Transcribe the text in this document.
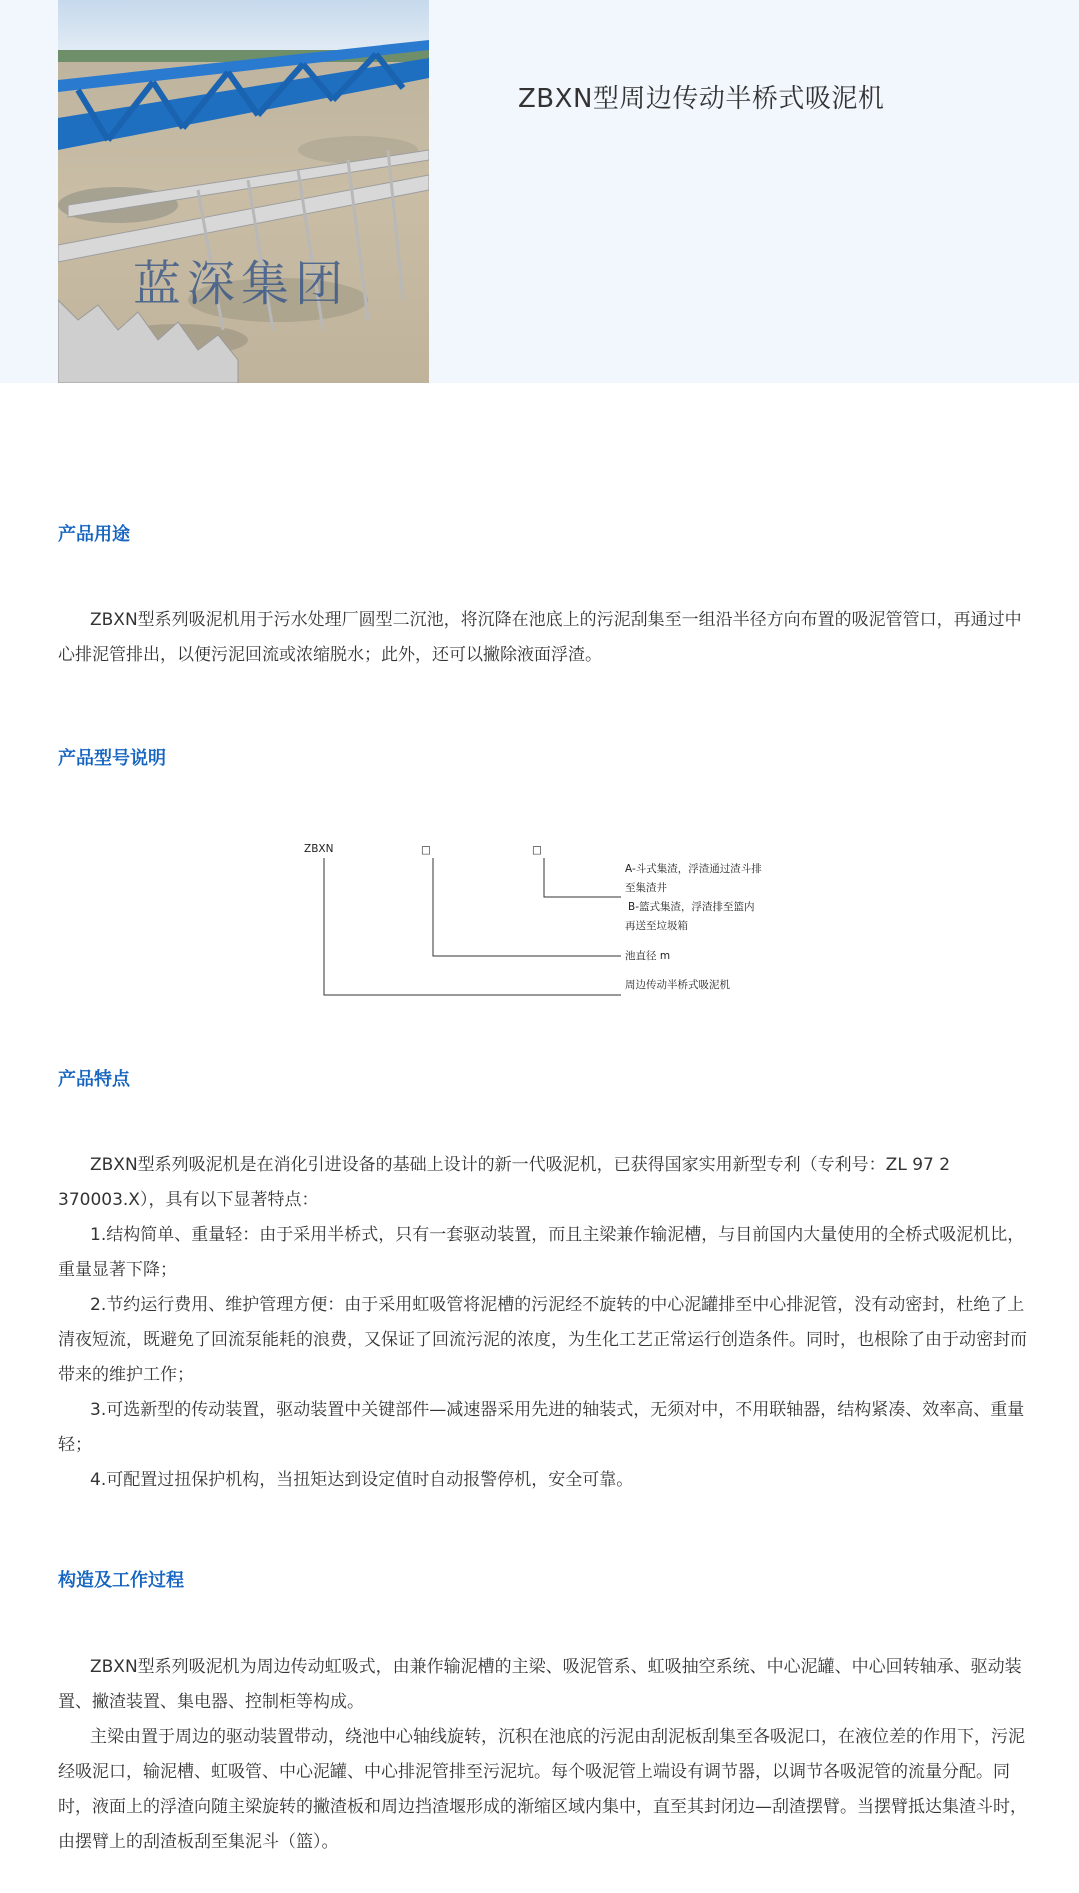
蓝深集团
ZBXN型周边传动半桥式吸泥机
产品用途

ZBXN型系列吸泥机用于污水处理厂圆型二沉池，将沉降在池底上的污泥刮集至一组沿半径方向布置的吸泥管管口，再通过中心排泥管排出，以便污泥回流或浓缩脱水；此外，还可以撇除液面浮渣。

产品型号说明
ZBXN	□	□
A-斗式集渣，浮渣通过渣斗排
至集渣井
B-篮式集渣，浮渣排至篮内
再送至垃圾箱
池直径 m
周边传动半桥式吸泥机
产品特点

ZBXN型系列吸泥机是在消化引进设备的基础上设计的新一代吸泥机，已获得国家实用新型专利（专利号：ZL 97 2 370003.X），具有以下显著特点：

1.结构简单、重量轻：由于采用半桥式，只有一套驱动装置，而且主梁兼作输泥槽，与目前国内大量使用的全桥式吸泥机比，重量显著下降；

2.节约运行费用、维护管理方便：由于采用虹吸管将泥槽的污泥经不旋转的中心泥罐排至中心排泥管，没有动密封，杜绝了上清夜短流，既避免了回流泵能耗的浪费，又保证了回流污泥的浓度，为生化工艺正常运行创造条件。同时，也根除了由于动密封而带来的维护工作；

3.可选新型的传动装置，驱动装置中关键部件—减速器采用先进的轴装式，无须对中，不用联轴器，结构紧凑、效率高、重量轻；

4.可配置过扭保护机构，当扭矩达到设定值时自动报警停机，安全可靠。

构造及工作过程

ZBXN型系列吸泥机为周边传动虹吸式，由兼作输泥槽的主梁、吸泥管系、虹吸抽空系统、中心泥罐、中心回转轴承、驱动装置、撇渣装置、集电器、控制柜等构成。

主梁由置于周边的驱动装置带动，绕池中心轴线旋转，沉积在池底的污泥由刮泥板刮集至各吸泥口，在液位差的作用下，污泥经吸泥口，输泥槽、虹吸管、中心泥罐、中心排泥管排至污泥坑。每个吸泥管上端设有调节器，以调节各吸泥管的流量分配。同时，液面上的浮渣向随主梁旋转的撇渣板和周边挡渣堰形成的渐缩区域内集中，直至其封闭边—刮渣摆臂。当摆臂抵达集渣斗时，由摆臂上的刮渣板刮至集泥斗（篮）。
